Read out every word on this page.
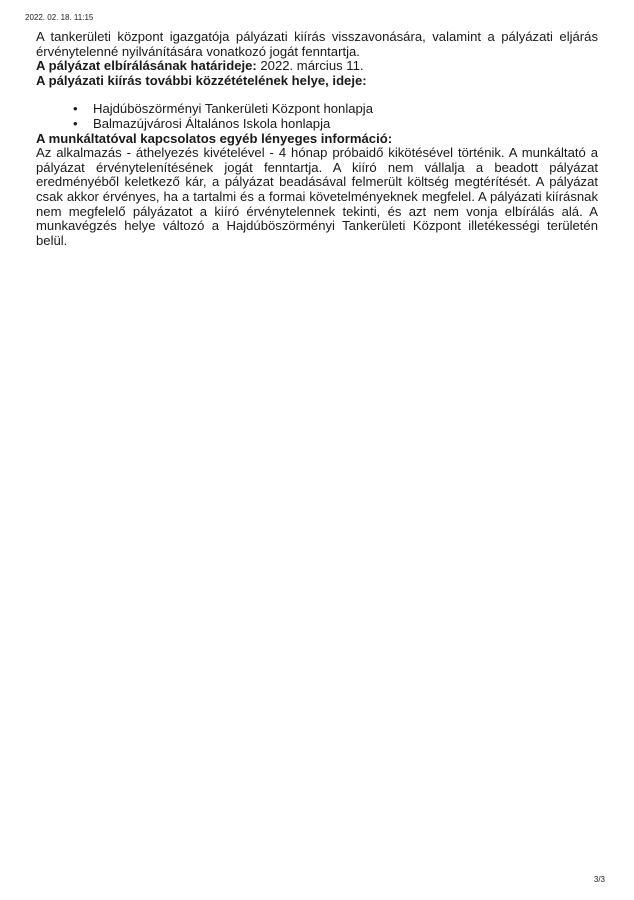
2022. 02. 18. 11:15

A tankerületi központ igazgatója pályázati kiírás visszavonására, valamint a pályázati eljárás érvénytelenné nyilvánítására vonatkozó jogát fenntartja.

A pályázat elbírálásának határideje: 2022. március 11.

A pályázati kiírás további közzétételének helye, ideje:

• Hajdúböszörményi Tankerületi Központ honlapja
• Balmazújvárosi Általános Iskola honlapja

A munkáltatóval kapcsolatos egyéb lényeges információ:

Az alkalmazás - áthelyezés kivételével - 4 hónap próbaidő kikötésével történik. A munkáltató a pályázat érvénytelenítésének jogát fenntartja. A kiíró nem vállalja a beadott pályázat eredményéből keletkező kár, a pályázat beadásával felmerült költség megtérítését. A pályázat csak akkor érvényes, ha a tartalmi és a formai követelményeknek megfelel. A pályázati kiírásnak nem megfelelő pályázatot a kiíró érvénytelennek tekinti, és azt nem vonja elbírálás alá. A munkavégzés helye változó a Hajdúböszörményi Tankerületi Központ illetékességi területén belül.

3/3
